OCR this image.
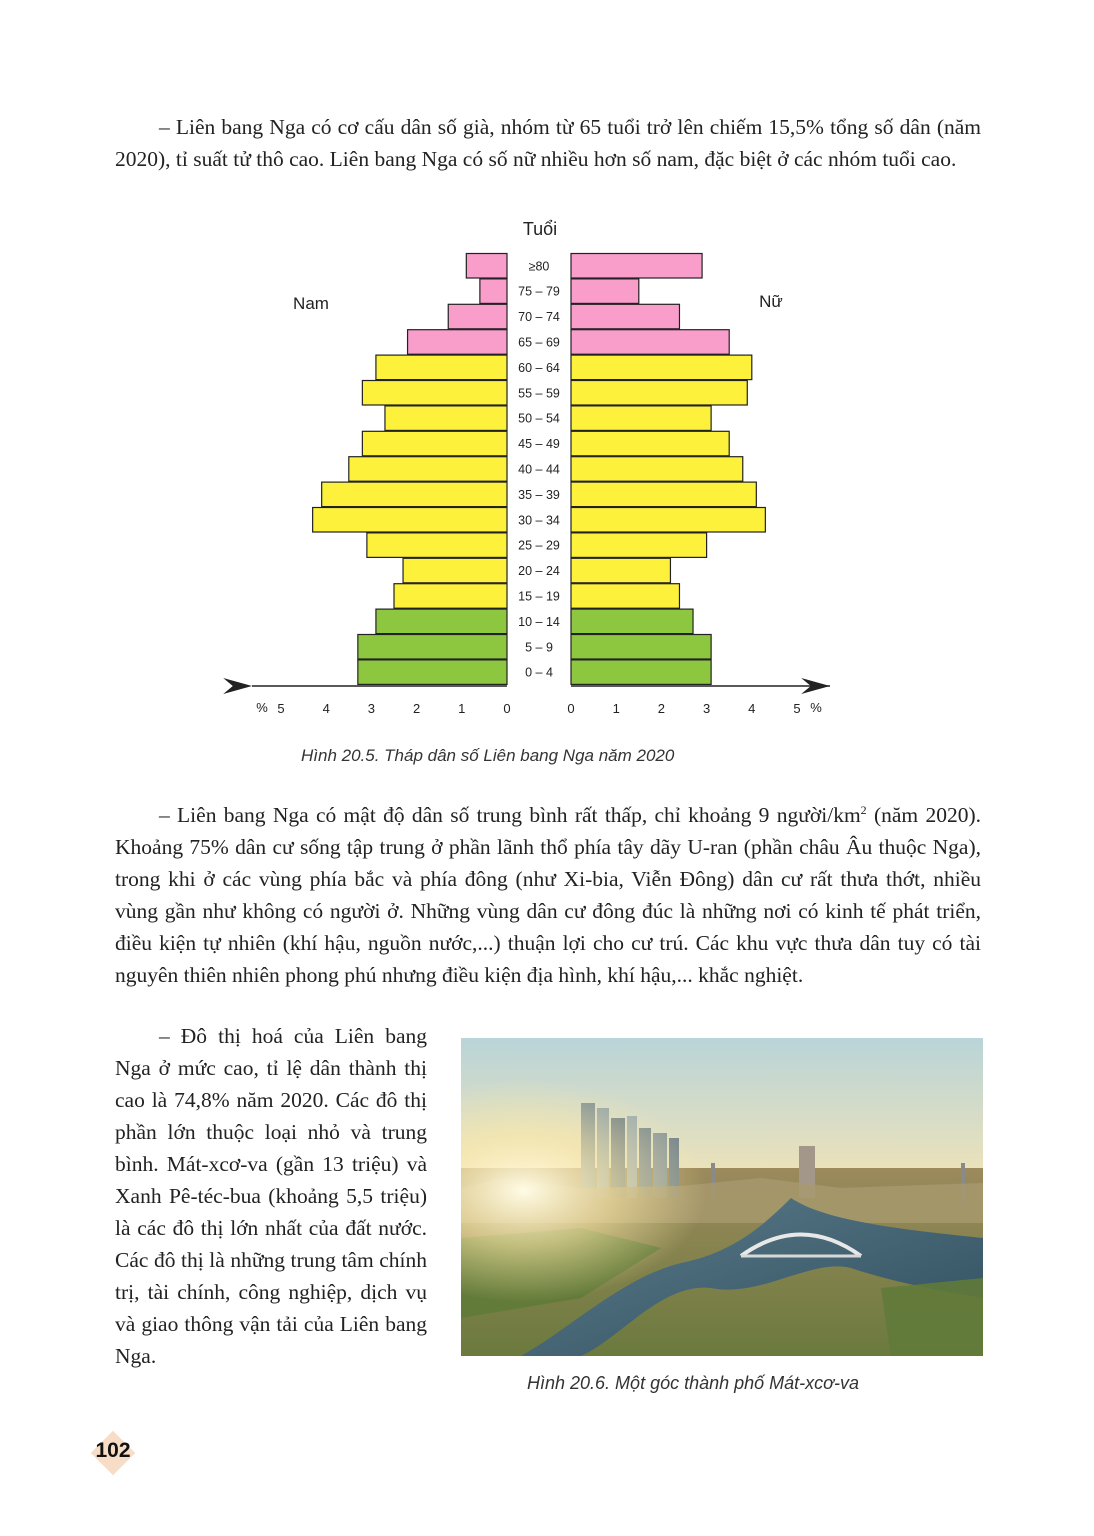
– Liên bang Nga có cơ cấu dân số già, nhóm từ 65 tuổi trở lên chiếm 15,5% tổng số dân (năm 2020), tỉ suất tử thô cao. Liên bang Nga có số nữ nhiều hơn số nam, đặc biệt ở các nhóm tuổi cao.

Tuổi
Nam	Nữ
≥80
75 – 79
70 – 74
65 – 69
60 – 64
55 – 59
50 – 54
45 – 49
40 – 44
35 – 39
30 – 34
25 – 29
20 – 24
15 – 19
10 – 14
5 – 9
0 – 4
5	4	3	2	1	0	0	1	2	3	4	5
%	%
Hình 20.5. Tháp dân số Liên bang Nga năm 2020

– Liên bang Nga có mật độ dân số trung bình rất thấp, chỉ khoảng 9 người/$km^2$ (năm 2020). Khoảng 75% dân cư sống tập trung ở phần lãnh thổ phía tây dãy U-ran (phần châu Âu thuộc Nga), trong khi ở các vùng phía bắc và phía đông (như Xi-bia, Viễn Đông) dân cư rất thưa thớt, nhiều vùng gần như không có người ở. Những vùng dân cư đông đúc là những nơi có kinh tế phát triển, điều kiện tự nhiên (khí hậu, nguồn nước,...) thuận lợi cho cư trú. Các khu vực thưa dân tuy có tài nguyên thiên nhiên phong phú nhưng điều kiện địa hình, khí hậu,... khắc nghiệt.

– Đô thị hoá của Liên bang Nga ở mức cao, tỉ lệ dân thành thị cao là 74,8% năm 2020. Các đô thị phần lớn thuộc loại nhỏ và trung bình. Mát-xcơ-va (gần 13 triệu) và Xanh Pê-téc-bua (khoảng 5,5 triệu) là các đô thị lớn nhất của đất nước. Các đô thị là những trung tâm chính trị, tài chính, công nghiệp, dịch vụ và giao thông vận tải của Liên bang Nga.

Hình 20.6. Một góc thành phố Mát-xcơ-va
102
